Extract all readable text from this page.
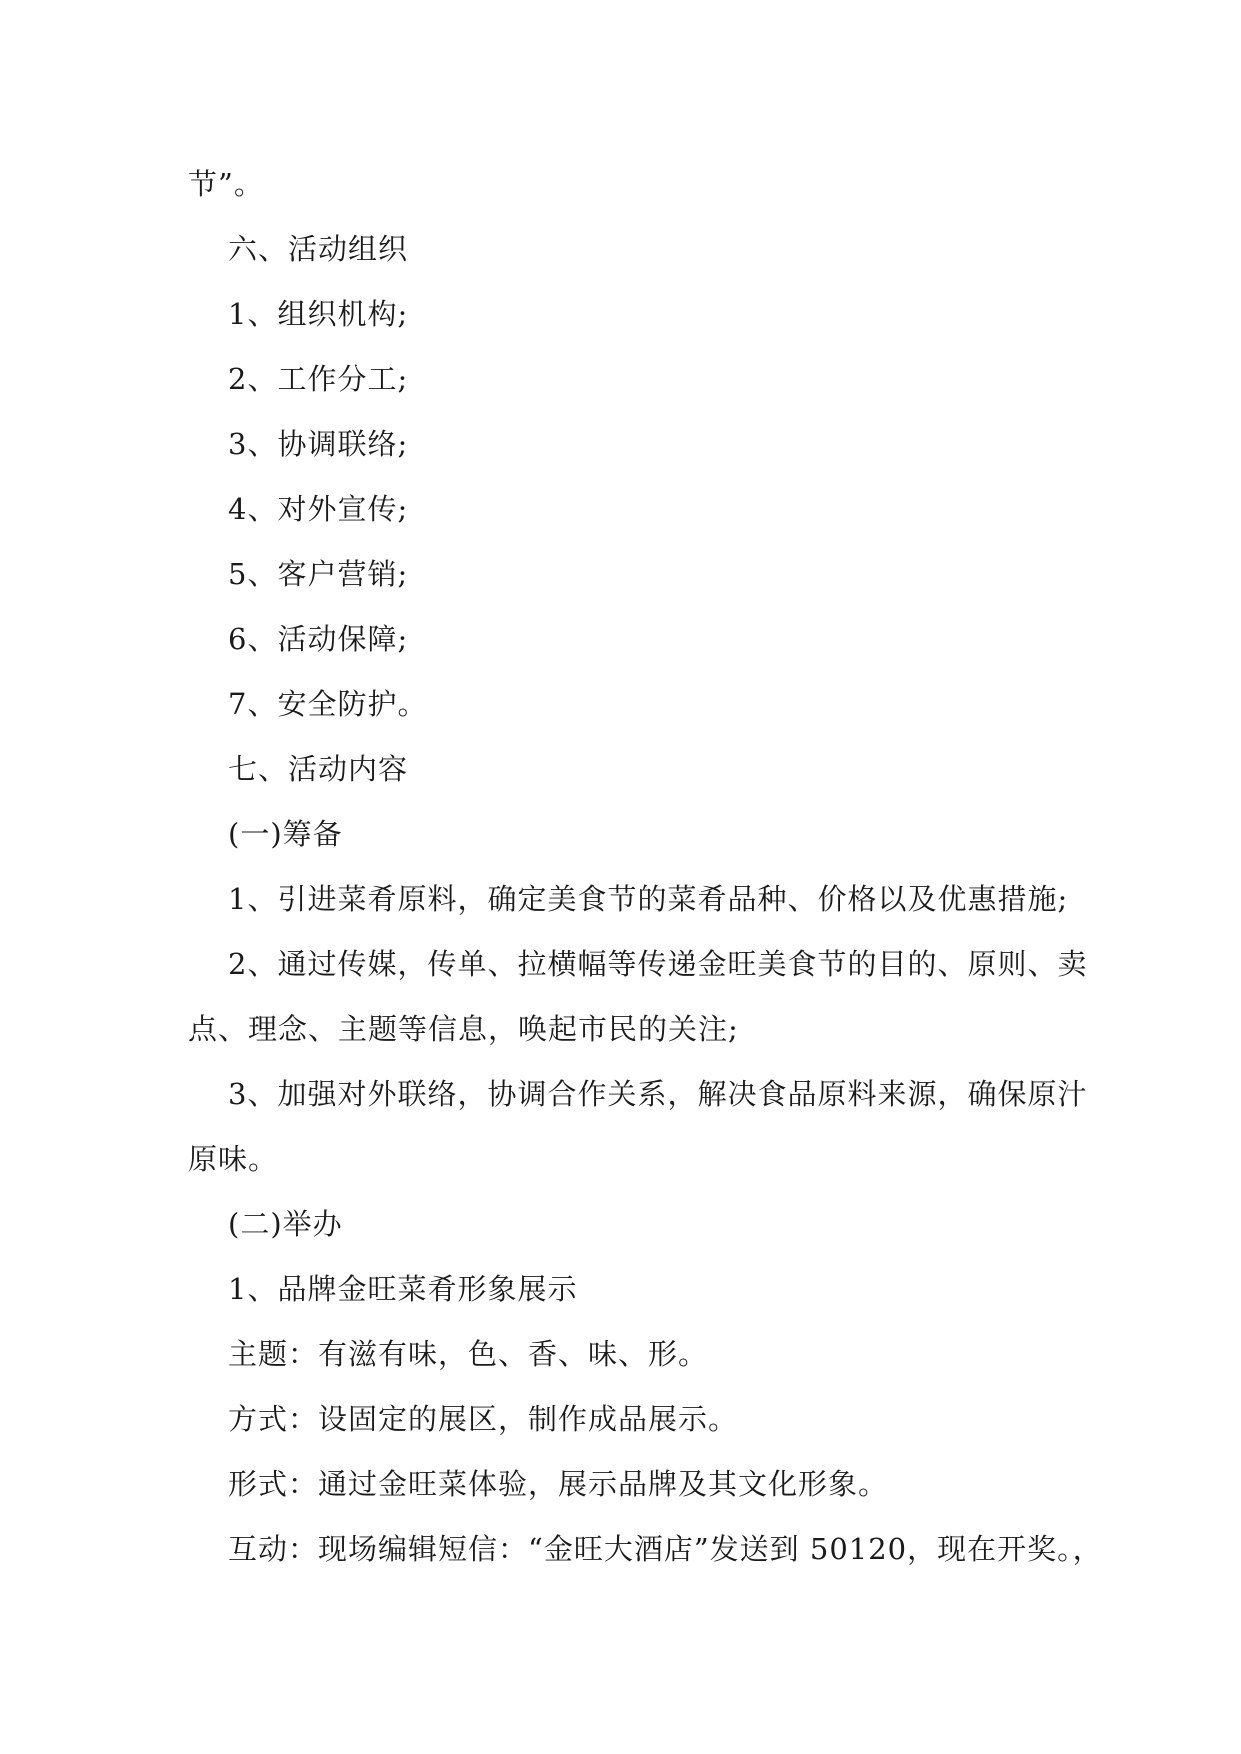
节”。
六、活动组织
1、组织机构;
2、工作分工;
3、协调联络;
4、对外宣传;
5、客户营销;
6、活动保障;
7、安全防护。
七、活动内容
(一)筹备
1、引进菜肴原料，确定美食节的菜肴品种、价格以及优惠措施;
2、通过传媒，传单、拉横幅等传递金旺美食节的目的、原则、卖
点、理念、主题等信息，唤起市民的关注;
3、加强对外联络，协调合作关系，解决食品原料来源，确保原汁
原味。
(二)举办
1、品牌金旺菜肴形象展示
主题：有滋有味，色、香、味、形。
方式：设固定的展区，制作成品展示。
形式：通过金旺菜体验，展示品牌及其文化形象。
互动：现场编辑短信：“金旺大酒店”发送到 50120，现在开奖。，
